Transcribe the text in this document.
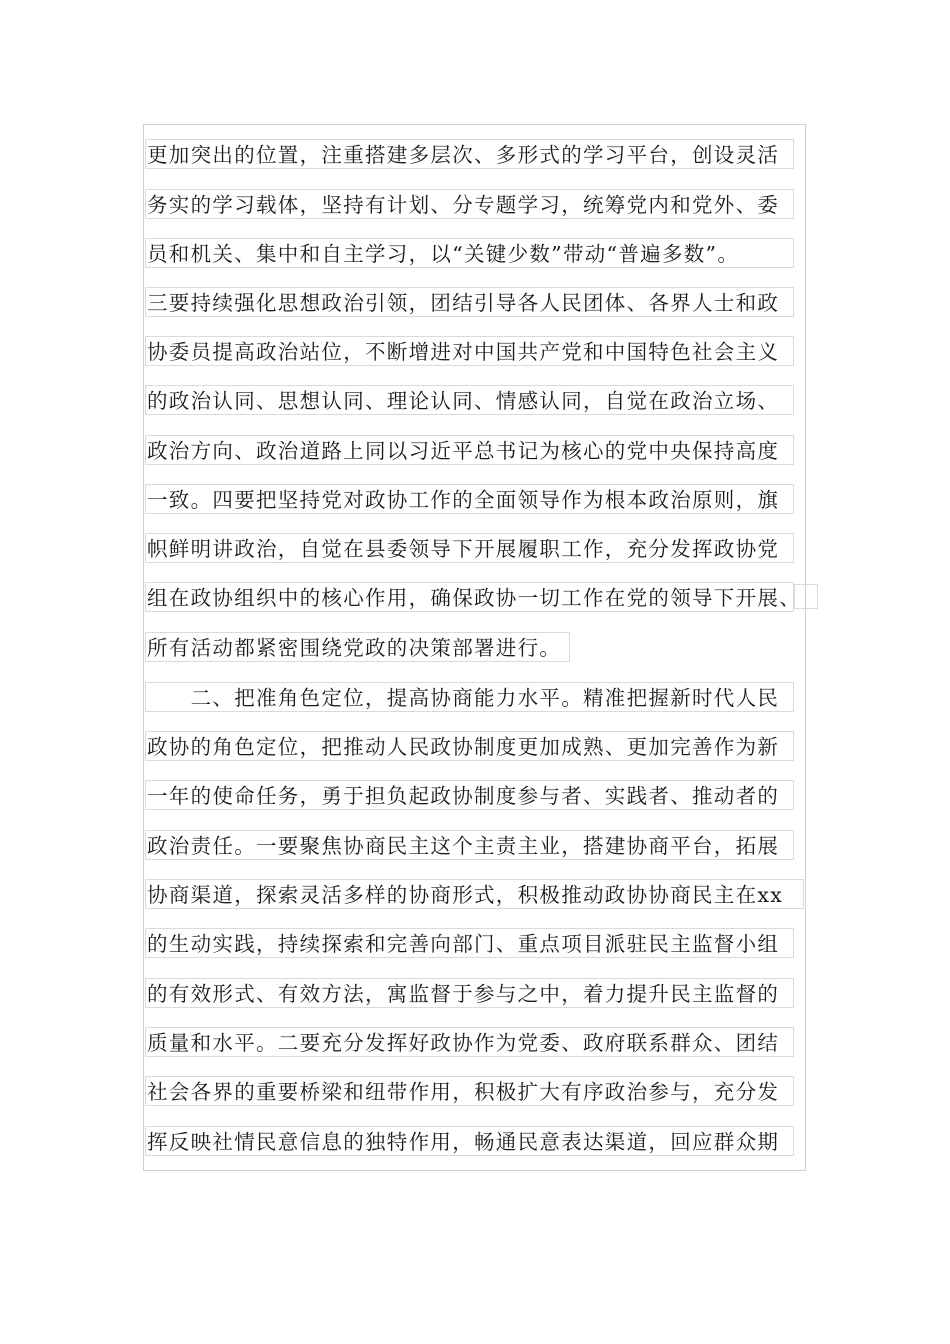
更加突出的位置，注重搭建多层次、多形式的学习平台，创设灵活
务实的学习载体，坚持有计划、分专题学习，统筹党内和党外、委
员和机关、集中和自主学习，以“关键少数”带动“普遍多数”。
三要持续强化思想政治引领，团结引导各人民团体、各界人士和政
协委员提高政治站位，不断增进对中国共产党和中国特色社会主义
的政治认同、思想认同、理论认同、情感认同，自觉在政治立场、
政治方向、政治道路上同以习近平总书记为核心的党中央保持高度
一致。四要把坚持党对政协工作的全面领导作为根本政治原则，旗
帜鲜明讲政治，自觉在县委领导下开展履职工作，充分发挥政协党
组在政协组织中的核心作用，确保政协一切工作在党的领导下开展、
所有活动都紧密围绕党政的决策部署进行。
　　二、把准角色定位，提高协商能力水平。精准把握新时代人民
政协的角色定位，把推动人民政协制度更加成熟、更加完善作为新
一年的使命任务，勇于担负起政协制度参与者、实践者、推动者的
政治责任。一要聚焦协商民主这个主责主业，搭建协商平台，拓展
协商渠道，探索灵活多样的协商形式，积极推动政协协商民主在xx
的生动实践，持续探索和完善向部门、重点项目派驻民主监督小组
的有效形式、有效方法，寓监督于参与之中，着力提升民主监督的
质量和水平。二要充分发挥好政协作为党委、政府联系群众、团结
社会各界的重要桥梁和纽带作用，积极扩大有序政治参与，充分发
挥反映社情民意信息的独特作用，畅通民意表达渠道，回应群众期
